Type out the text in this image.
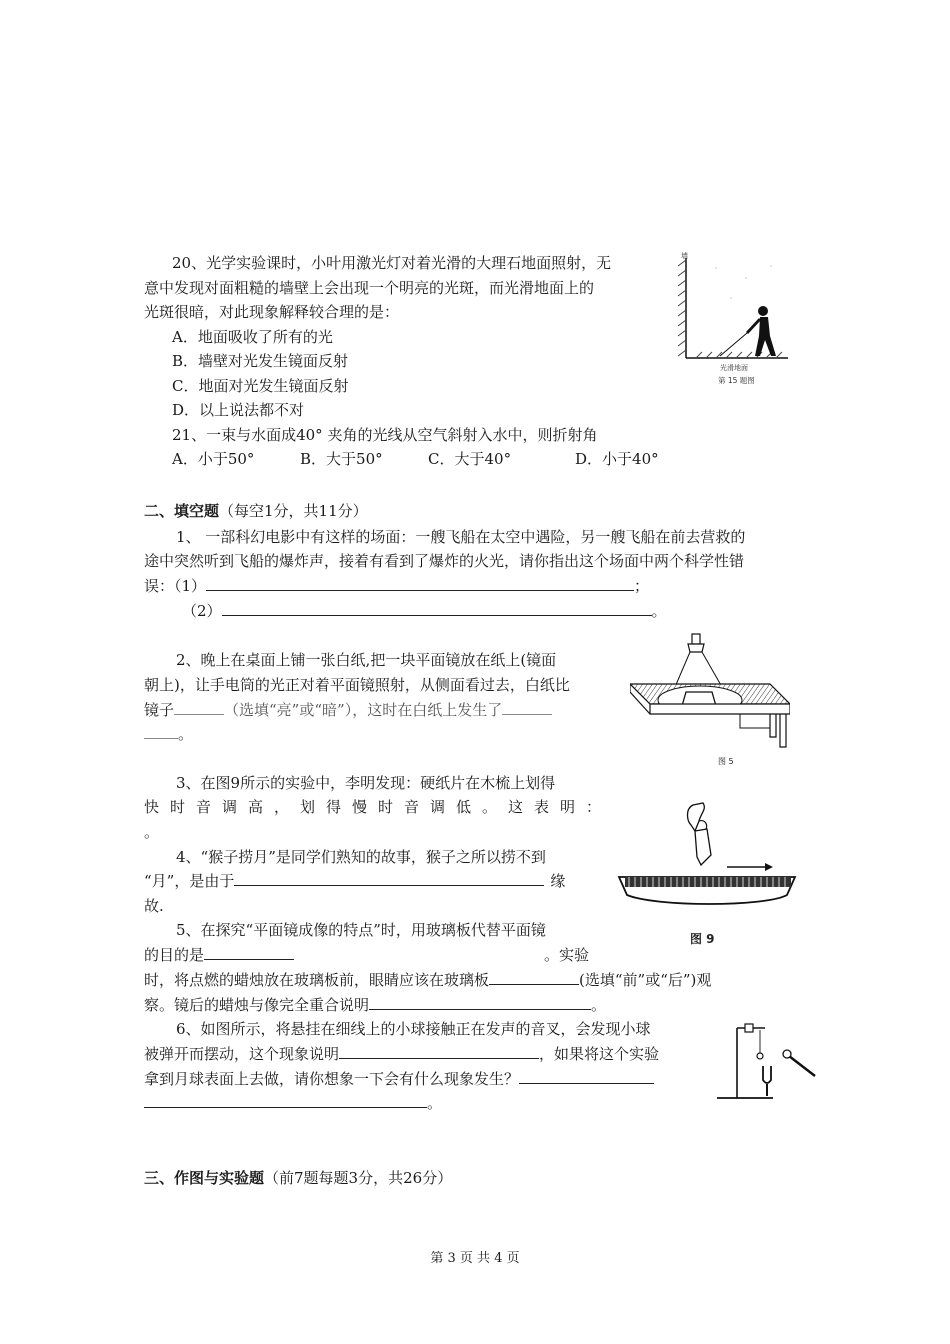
20、光学实验课时，小叶用激光灯对着光滑的大理石地面照射，无
意中发现对面粗糙的墙壁上会出现一个明亮的光斑，而光滑地面上的
光斑很暗，对此现象解释较合理的是：
A．地面吸收了所有的光
B．墙壁对光发生镜面反射
C．地面对光发生镜面反射
D．以上说法都不对
墙
光滑地面
第 15 题图
21、一束与水面成40° 夹角的光线从空气斜射入水中，则折射角
A．小于50°	B．大于50°	C．大于40°	D．小于40°
二、填空题（每空1分，共11分）
1、 一部科幻电影中有这样的场面：一艘飞船在太空中遇险，另一艘飞船在前去营救的
途中突然听到飞船的爆炸声，接着有看到了爆炸的火光，请你指出这个场面中两个科学性错
误：（1）	；
（2）	。
2、晚上在桌面上铺一张白纸,把一块平面镜放在纸上(镜面
朝上)，让手电筒的光正对着平面镜照射，从侧面看过去，白纸比
镜子	（选填“亮”或“暗”），这时在白纸上发生了
。
图 5
3、在图9所示的实验中，李明发现：硬纸片在木梳上划得
快时音调高，划得慢时音调低。这表明：
。
4、“猴子捞月”是同学们熟知的故事，猴子之所以捞不到
“月”，是由于	缘
故.
图 9
5、在探究“平面镜成像的特点”时，用玻璃板代替平面镜
的目的是	。实验
时，将点燃的蜡烛放在玻璃板前，眼睛应该在玻璃板	(选填“前”或“后”)观
察。镜后的蜡烛与像完全重合说明	。
6、如图所示，将悬挂在细线上的小球接触正在发声的音叉，会发现小球
被弹开而摆动，这个现象说明	，如果将这个实验
拿到月球表面上去做，请你想象一下会有什么现象发生？
。
三、作图与实验题（前7题每题3分，共26分）
第 3 页 共 4 页
